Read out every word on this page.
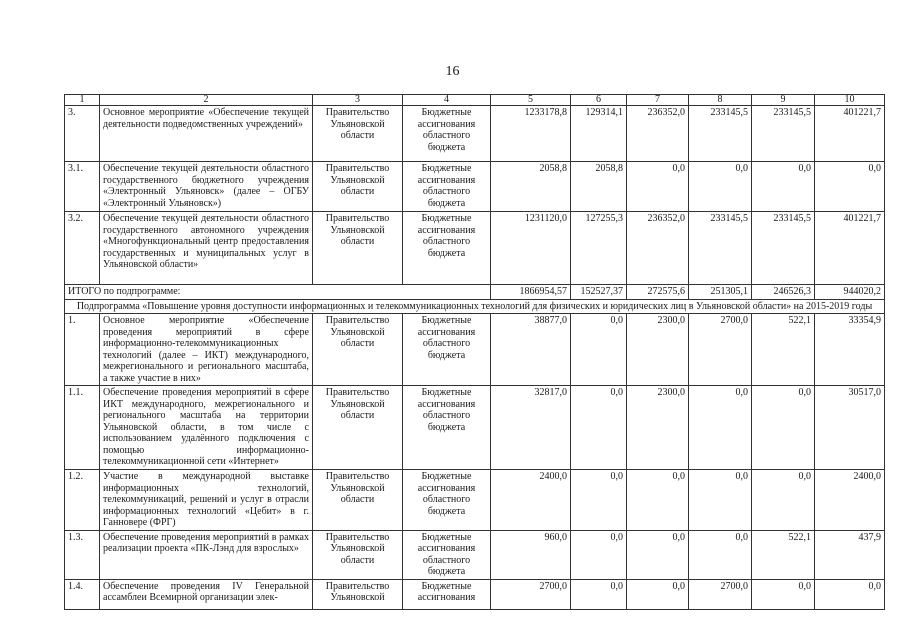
16
1	2	3	4	5	6	7	8	9	10
3.	Основное мероприятие «Обеспечение текущей деятельности подведомственных учреждений»	Правительство Ульяновской области	Бюджетные ассигнования областного бюджета	1233178,8	129314,1	236352,0	233145,5	233145,5	401221,7
3.1.	Обеспечение текущей деятельности областного государственного бюджетного учреждения «Электронный Ульяновск» (далее – ОГБУ «Электронный Ульяновск»)	Правительство Ульяновской области	Бюджетные ассигнования областного бюджета	2058,8	2058,8	0,0	0,0	0,0	0,0
3.2.	Обеспечение текущей деятельности областного государственного автономного учреждения «Многофункциональный центр предоставления государственных и муниципальных услуг в Ульяновской области»	Правительство Ульяновской области	Бюджетные ассигнования областного бюджета	1231120,0	127255,3	236352,0	233145,5	233145,5	401221,7
ИТОГО по подпрограмме:				1866954,57	152527,37	272575,6	251305,1	246526,3	944020,2
Подпрограмма «Повышение уровня доступности информационных и телекоммуникационных технологий для физических и юридических лиц в Ульяновской области» на 2015-2019 годы									
1.	Основное мероприятие «Обеспечение проведения мероприятий в сфере информационно-телекоммуникационных технологий (далее – ИКТ) международного, межрегионального и регионального масштаба, а также участие в них»	Правительство Ульяновской области	Бюджетные ассигнования областного бюджета	38877,0	0,0	2300,0	2700,0	522,1	33354,9
1.1.	Обеспечение проведения мероприятий в сфере ИКТ международного, межрегионального и регионального масштаба на территории Ульяновской области, в том числе с использованием удалённого подключения с помощью информационно-телекоммуникационной сети «Интернет»	Правительство Ульяновской области	Бюджетные ассигнования областного бюджета	32817,0	0,0	2300,0	0,0	0,0	30517,0
1.2.	Участие в международной выставке информационных технологий, телекоммуникаций, решений и услуг в отрасли информационных технологий «Цебит» в г. Ганновере (ФРГ)	Правительство Ульяновской области	Бюджетные ассигнования областного бюджета	2400,0	0,0	0,0	0,0	0,0	2400,0
1.3.	Обеспечение проведения мероприятий в рамках реализации проекта «ПК-Лэнд для взрослых»	Правительство Ульяновской области	Бюджетные ассигнования областного бюджета	960,0	0,0	0,0	0,0	522,1	437,9
1.4.	Обеспечение проведения IV Генеральной ассамблеи Всемирной организации элек-	Правительство Ульяновской	Бюджетные ассигнования	2700,0	0,0	0,0	2700,0	0,0	0,0
